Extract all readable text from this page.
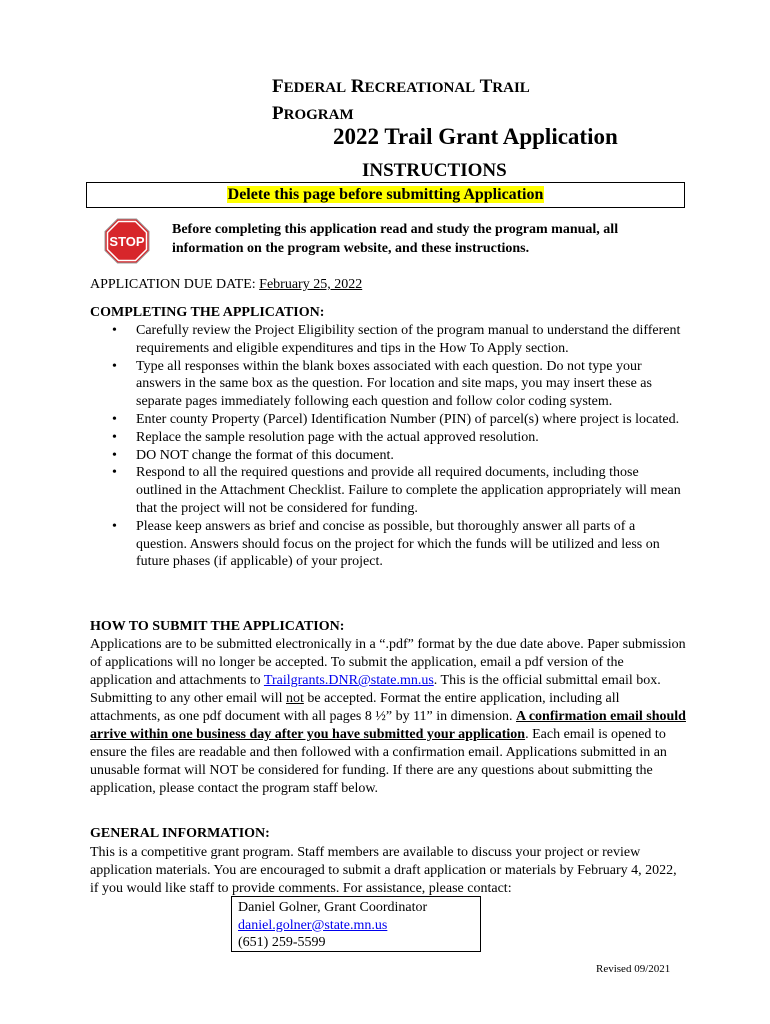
FEDERAL RECREATIONAL TRAIL
PROGRAM
2022 Trail Grant Application
INSTRUCTIONS
Delete this page before submitting Application
STOP
Before completing this application read and study the program manual, all information on the program website, and these instructions.
APPLICATION DUE DATE: February 25, 2022
COMPLETING THE APPLICATION:
• Carefully review the Project Eligibility section of the program manual to understand the different requirements and eligible expenditures and tips in the How To Apply section.
• Type all responses within the blank boxes associated with each question. Do not type your answers in the same box as the question. For location and site maps, you may insert these as separate pages immediately following each question and follow color coding system.
• Enter county Property (Parcel) Identification Number (PIN) of parcel(s) where project is located.
• Replace the sample resolution page with the actual approved resolution.
• DO NOT change the format of this document.
• Respond to all the required questions and provide all required documents, including those outlined in the Attachment Checklist. Failure to complete the application appropriately will mean that the project will not be considered for funding.
• Please keep answers as brief and concise as possible, but thoroughly answer all parts of a question. Answers should focus on the project for which the funds will be utilized and less on future phases (if applicable) of your project.
HOW TO SUBMIT THE APPLICATION:
Applications are to be submitted electronically in a “.pdf” format by the due date above. Paper submission of applications will no longer be accepted. To submit the application, email a pdf version of the application and attachments to Trailgrants.DNR@state.mn.us. This is the official submittal email box. Submitting to any other email will not be accepted. Format the entire application, including all attachments, as one pdf document with all pages 8 ½” by 11” in dimension. A confirmation email should arrive within one business day after you have submitted your application. Each email is opened to ensure the files are readable and then followed with a confirmation email. Applications submitted in an unusable format will NOT be considered for funding. If there are any questions about submitting the application, please contact the program staff below.
GENERAL INFORMATION:
This is a competitive grant program. Staff members are available to discuss your project or review application materials. You are encouraged to submit a draft application or materials by February 4, 2022, if you would like staff to provide comments. For assistance, please contact:
Daniel Golner, Grant Coordinator
daniel.golner@state.mn.us
(651) 259-5599
Revised 09/2021
